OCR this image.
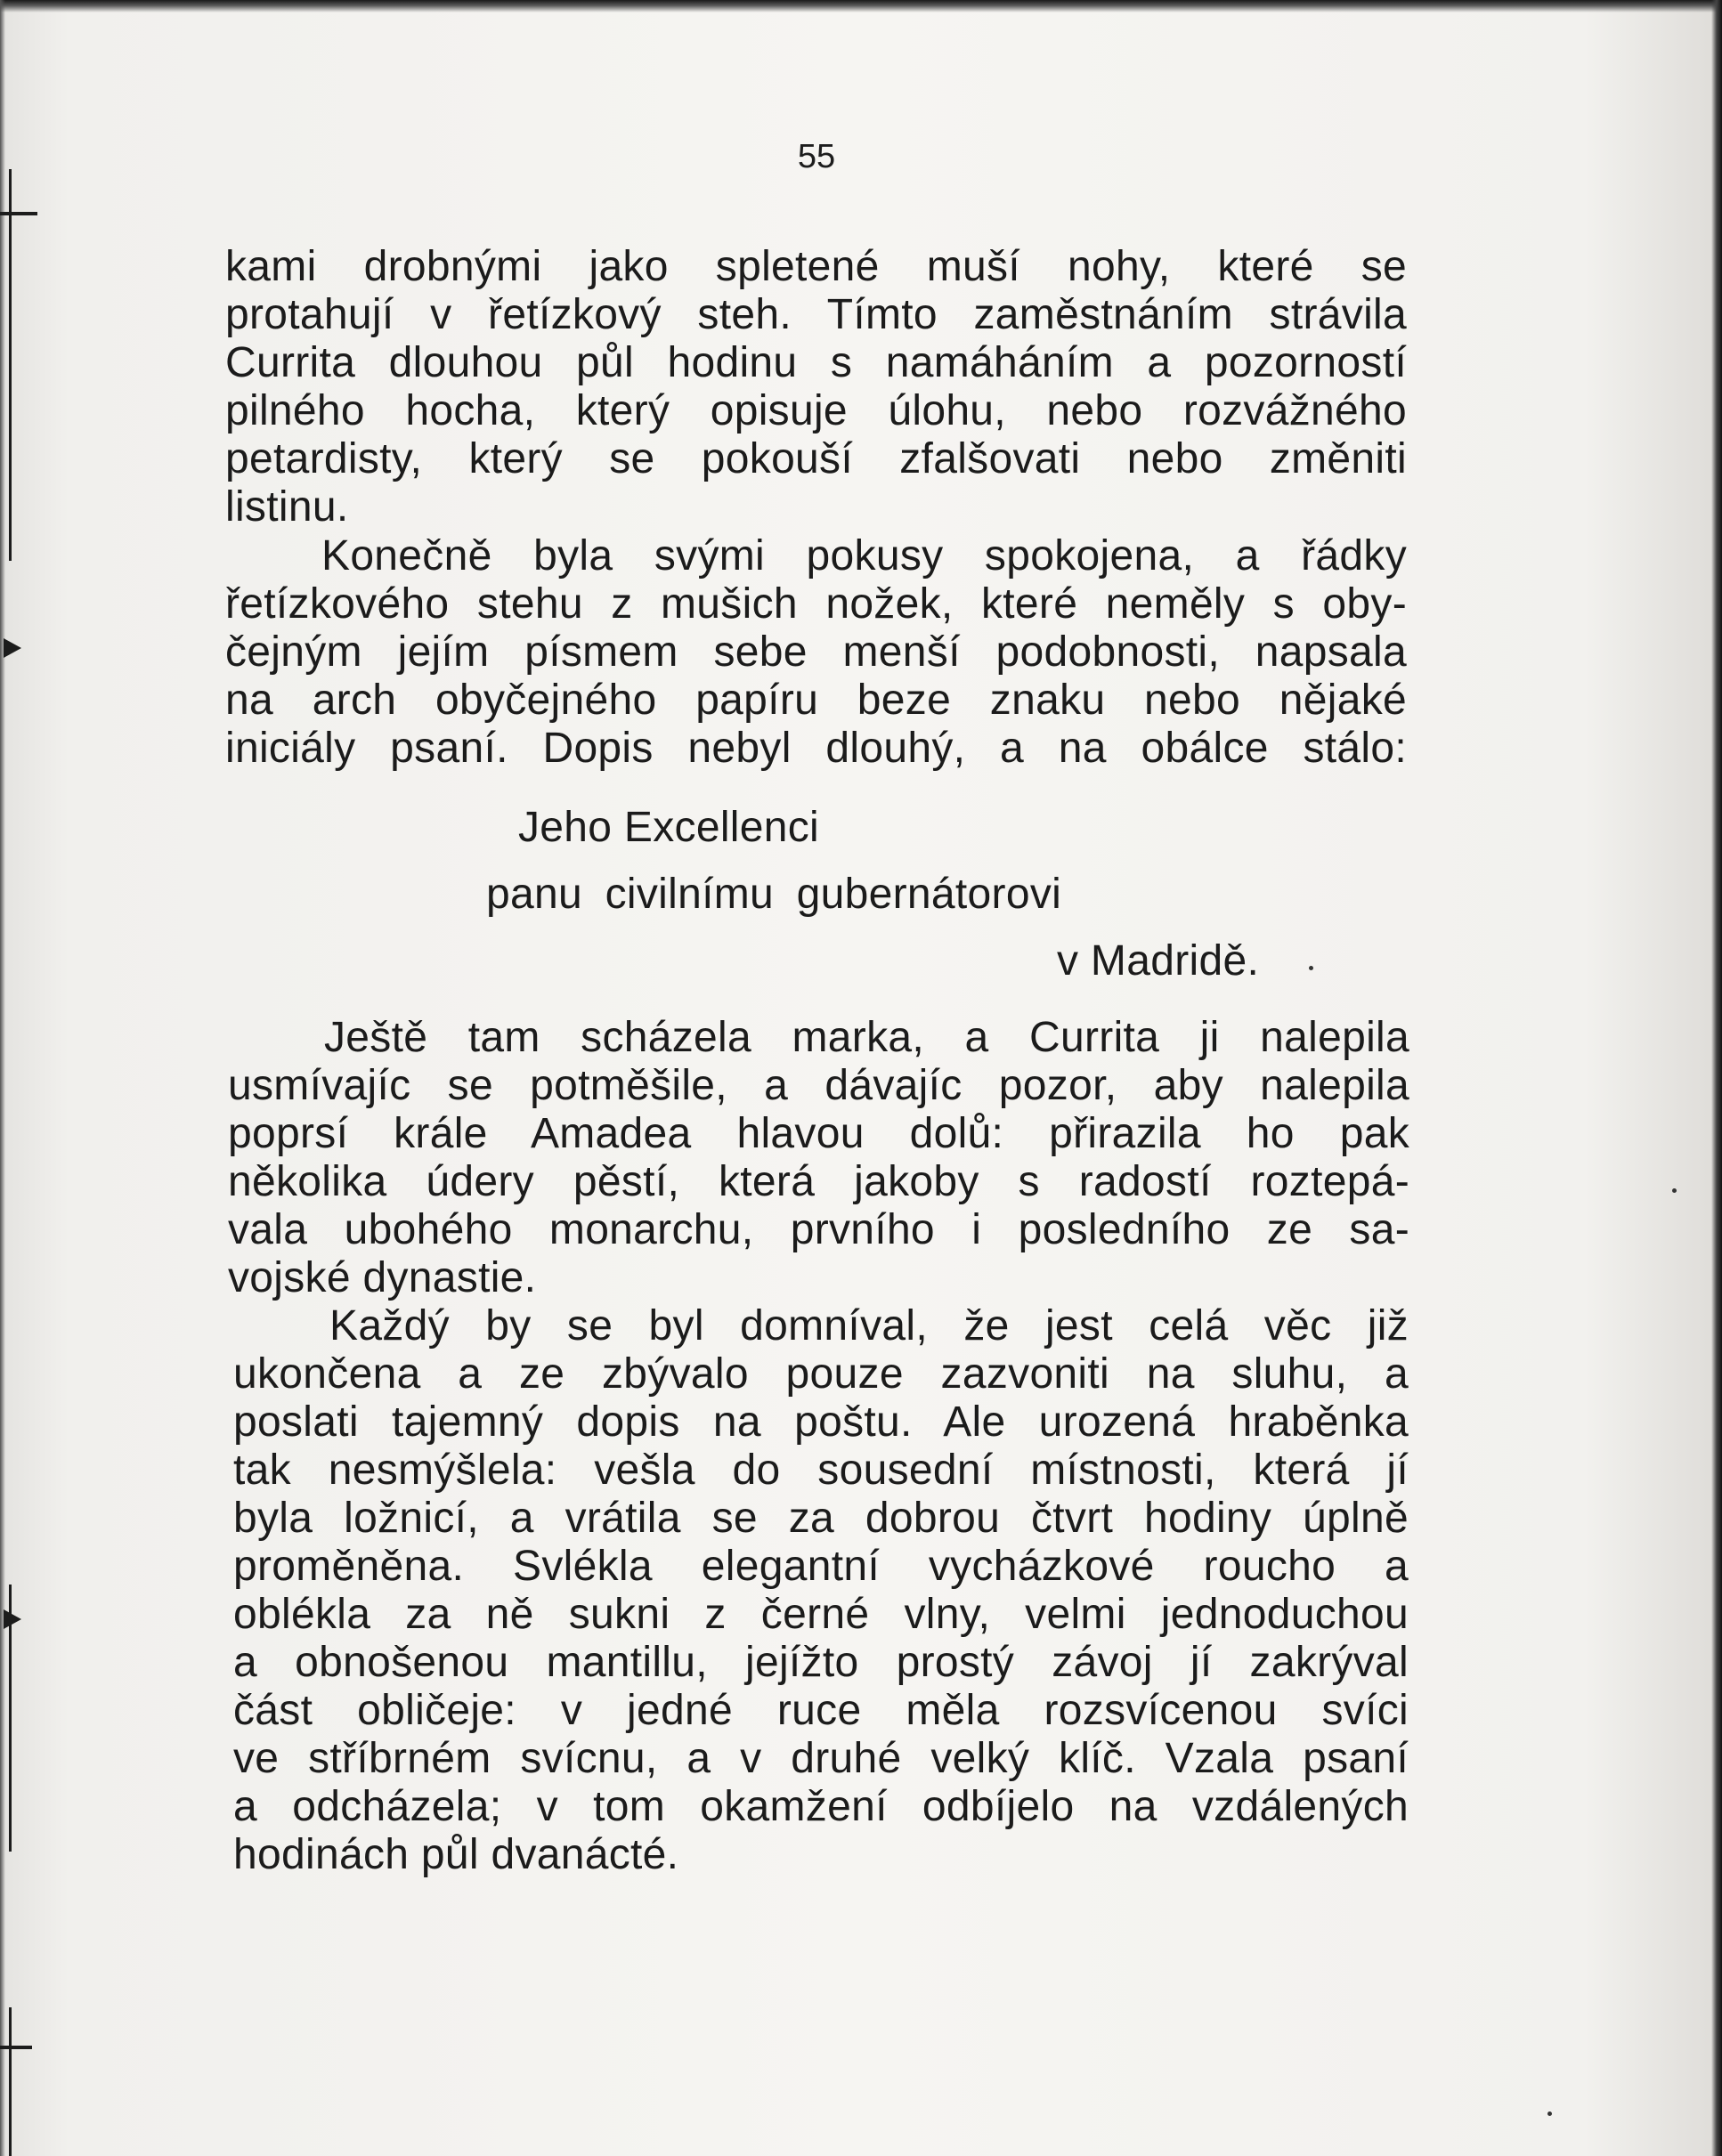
55
kami drobnými jako spletené muší nohy, které se
protahují v řetízkový steh. Tímto zaměstnáním strávila
Currita dlouhou půl hodinu s namáháním a pozorností
pilného hocha, který opisuje úlohu, nebo rozvážného
petardisty, který se pokouší zfalšovati nebo změniti
listinu.
Konečně byla svými pokusy spokojena, a řádky
řetízkového stehu z mušich nožek, které neměly s oby-
čejným jejím písmem sebe menší podobnosti, napsala
na arch obyčejného papíru beze znaku nebo nějaké
iniciály psaní. Dopis nebyl dlouhý, a na obálce stálo:
Jeho Excellenci
panu civilnímu gubernátorovi
v Madridě.
Ještě tam scházela marka, a Currita ji nalepila
usmívajíc se potměšile, a dávajíc pozor, aby nalepila
poprsí krále Amadea hlavou dolů: přirazila ho pak
několika údery pěstí, která jakoby s radostí roztepá-
vala ubohého monarchu, prvního i posledního ze sa-
vojské dynastie.
Každý by se byl domníval, že jest celá věc již
ukončena a ze zbývalo pouze zazvoniti na sluhu, a
poslati tajemný dopis na poštu. Ale urozená hraběnka
tak nesmýšlela: vešla do sousední místnosti, která jí
byla ložnicí, a vrátila se za dobrou čtvrt hodiny úplně
proměněna. Svlékla elegantní vycházkové roucho a
oblékla za ně sukni z černé vlny, velmi jednoduchou
a obnošenou mantillu, jejížto prostý závoj jí zakrýval
část obličeje: v jedné ruce měla rozsvícenou svíci
ve stříbrném svícnu, a v druhé velký klíč. Vzala psaní
a odcházela; v tom okamžení odbíjelo na vzdálených
hodinách půl dvanácté.
